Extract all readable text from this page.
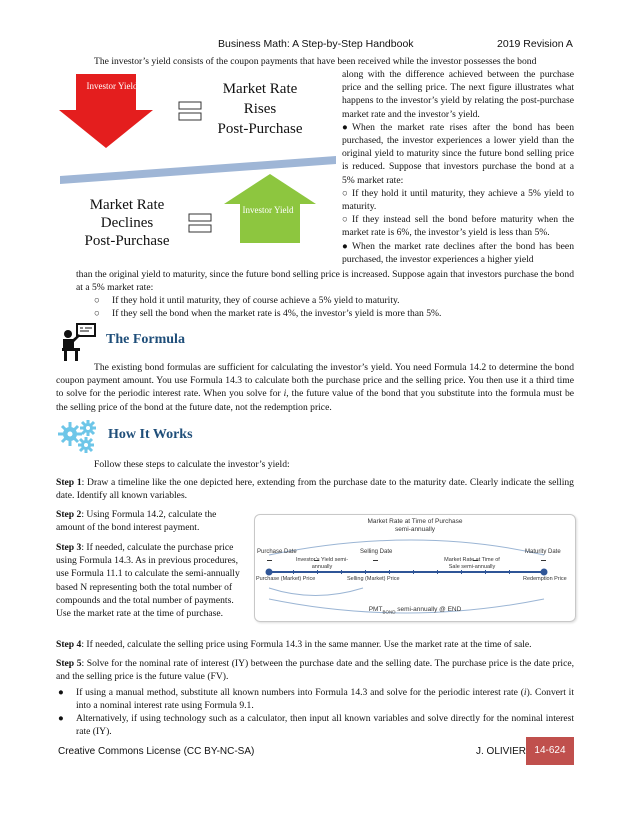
Business Math: A Step-by-Step Handbook	2019 Revision A
The investor’s yield consists of the coupon payments that have been received while the investor possesses the bond
Investor Yield	Market Rate
Rises
Post-Purchase
Market Rate
Declines
Post-Purchase
Investor Yield
along with the difference achieved between the purchase price and the selling price. The next figure illustrates what happens to the investor’s yield by relating the post-purchase market rate and the investor’s yield.
● When the market rate rises after the bond has been purchased, the investor experiences a lower yield than the original yield to maturity since the future bond selling price is reduced. Suppose that investors purchase the bond at a 5% market rate:
○ If they hold it until maturity, they achieve a 5% yield to maturity.
○ If they instead sell the bond before maturity when the market rate is 6%, the investor’s yield is less than 5%.
● When the market rate declines after the bond has been purchased, the investor experiences a higher yield
than the original yield to maturity, since the future bond selling price is increased. Suppose again that investors purchase the bond at a 5% market rate:
○ If they hold it until maturity, they of course achieve a 5% yield to maturity.
○ If they sell the bond when the market rate is 4%, the investor’s yield is more than 5%.
The Formula
The existing bond formulas are sufficient for calculating the investor’s yield. You need Formula 14.2 to determine the bond coupon payment amount. You use Formula 14.3 to calculate both the purchase price and the selling price. You then use it a third time to solve for the periodic interest rate. When you solve for i, the future value of the bond that you substitute into the formula must be the selling price of the bond at the future date, not the redemption price.
How It Works
Follow these steps to calculate the investor’s yield:
Step 1: Draw a timeline like the one depicted here, extending from the purchase date to the maturity date. Clearly indicate the selling date. Identify all known variables.
Step 2: Using Formula 14.2, calculate the amount of the bond interest payment.
Step 3: If needed, calculate the purchase price using Formula 14.3. As in previous procedures, use Formula 11.1 to calculate the semi-annually based N representing both the total number of compounds and the total number of payments. Use the market rate at the time of purchase.
Market Rate at Time of Purchase
semi-annually
Purchase Date	Selling Date	Maturity Date
Investor’s Yield semi-annually
Market Rate at Time of Sale semi-annually
Purchase (Market) Price	Selling (Market) Price	Redemption Price
$PMT_{BOND}$ semi-annually @ END
Step 4: If needed, calculate the selling price using Formula 14.3 in the same manner. Use the market rate at the time of sale.
Step 5: Solve for the nominal rate of interest (IY) between the purchase date and the selling date. The purchase price is the date price, and the selling price is the future value (FV).
● If using a manual method, substitute all known numbers into Formula 14.3 and solve for the periodic interest rate (i). Convert it into a nominal interest rate using Formula 9.1.
● Alternatively, if using technology such as a calculator, then input all known variables and solve directly for the nominal interest rate (IY).
Creative Commons License (CC BY-NC-SA)	J. OLIVIER 14-624
